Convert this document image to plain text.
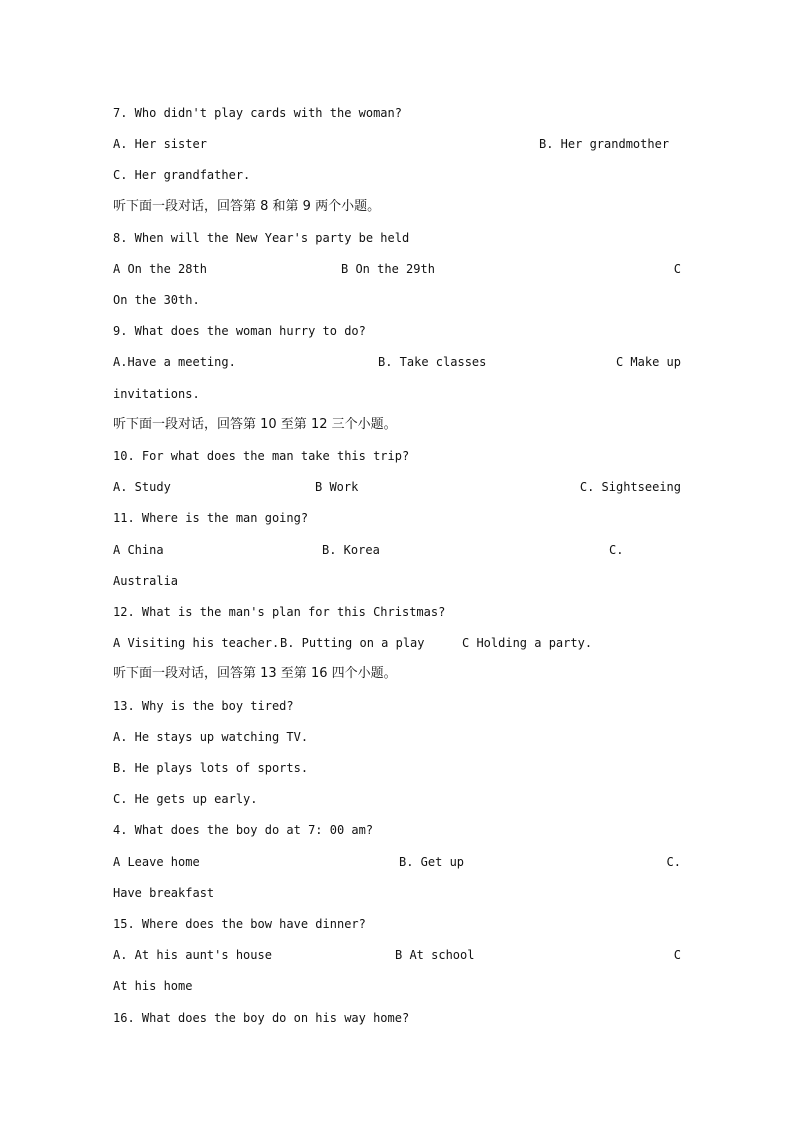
7. Who didn't play cards with the woman?
A. Her sister	B. Her grandmother
C. Her grandfather.
听下面一段对话，回答第 8 和第 9 两个小题。
8. When will the New Year's party be held
A On the 28th	B On the 29th	C
On the 30th.
9. What does the woman hurry to do?
A.Have a meeting.	B. Take classes	C Make up
invitations.
听下面一段对话，回答第 10 至第 12 三个小题。
10. For what does the man take this trip?
A. Study	B Work	C. Sightseeing
11. Where is the man going?
A China	B. Korea	C.
Australia
12. What is the man's plan for this Christmas?
A Visiting his teacher. B. Putting on a play	C Holding a party.
听下面一段对话，回答第 13 至第 16 四个小题。
13. Why is the boy tired?
A. He stays up watching TV.
B. He plays lots of sports.
C. He gets up early.
4. What does the boy do at 7: 00 am?
A Leave home	B. Get up	C.
Have breakfast
15. Where does the bow have dinner?
A. At his aunt's house	B At school	C
At his home
16. What does the boy do on his way home?
